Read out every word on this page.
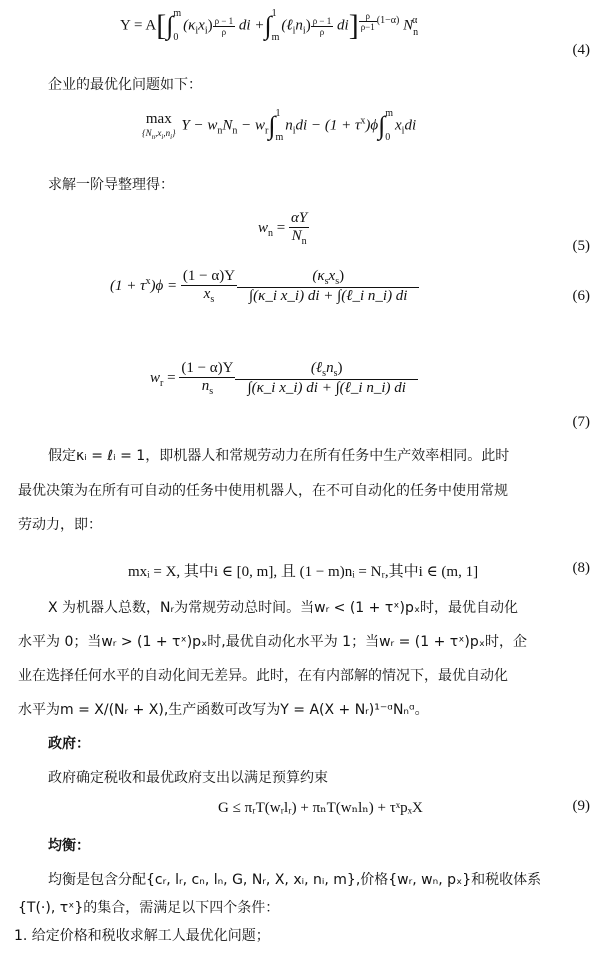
Y = A[∫m

$0(\kappa_ix_i) \frac{\rho - 1}{\rho}$ di +∫1

$m(\ell_in_i) \frac{\rho - 1}{\rho} di$] $^{\frac{\rho}{\rho-1} (1-\alpha)}$ $N_n^\alpha$
(4)
企业的最优化问题如下：
max
$\{N_n,x_i,n_i\} Y - w_nN_n - w_r\int 1$

$mn_idi - (1 + \tau^x)\phi\int m$

$0x_idi$
求解一阶导整理得：
$w_n = \frac{\alpha Y}{N_n}$	(5)
$(1 + \tau^x)\phi = \frac{(1 - \alpha)Y}{x_s} \frac{(\kappa_sx_s)}{\text{∫(κ\_i x\_i) di + ∫(ℓ\_i n\_i) di}}$	(6)
$w_r = \frac{(1 - \alpha)Y}{n_s} \frac{(\ell_sn_s)}{\text{∫(κ\_i x\_i) di + ∫(ℓ\_i n\_i) di}}$
(7)
假定κᵢ = ℓᵢ = 1，即机器人和常规劳动力在所有任务中生产效率相同。此时
最优决策为在所有可自动的任务中使用机器人，在不可自动化的任务中使用常规
劳动力，即：
mxᵢ = X, 其中i ∈ [0, m], 且 (1 − m)nᵢ = Nᵣ,其中i ∈ (m, 1]	(8)
X 为机器人总数，Nᵣ为常规劳动总时间。当wᵣ < (1 + τˣ)pₓ时，最优自动化
水平为 0；当wᵣ > (1 + τˣ)pₓ时,最优自动化水平为 1；当wᵣ = (1 + τˣ)pₓ时，企
业在选择任何水平的自动化间无差异。此时，在有内部解的情况下，最优自动化
水平为m = X/(Nᵣ + X),生产函数可改写为Y = A(X + Nᵣ)¹⁻ᵅNₙᵅ。
政府：
政府确定税收和最优政府支出以满足预算约束
G ≤ πᵣT(wᵣlᵣ) + πₙT(wₙlₙ) + τˣpₓX	(9)
均衡：
均衡是包含分配{cᵣ, lᵣ, cₙ, lₙ, G, Nᵣ, X, xᵢ, nᵢ, m},价格{wᵣ, wₙ, pₓ}和税收体系
{T(·), τˣ}的集合，需满足以下四个条件：
1. 给定价格和税收求解工人最优化问题；
